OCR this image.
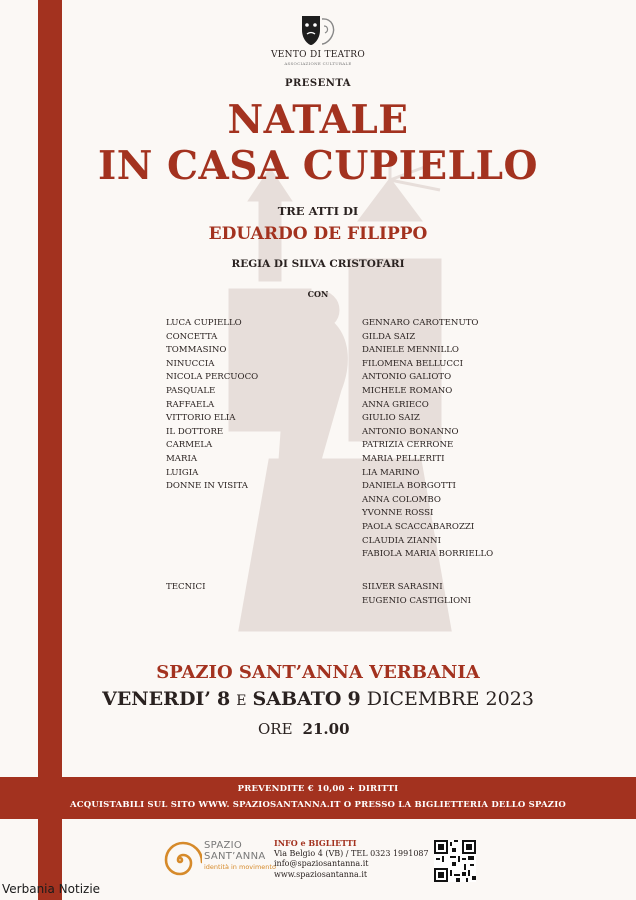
VENTO DI TEATRO
ASSOCIAZIONE CULTURALE
PRESENTA
NATALE
IN CASA CUPIELLO
TRE ATTI DI
EDUARDO DE FILIPPO
REGIA DI SILVA CRISTOFARI
CON
LUCA CUPIELLO	GENNARO CAROTENUTO
CONCETTA	GILDA SAIZ
TOMMASINO	DANIELE MENNILLO
NINUCCIA	FILOMENA BELLUCCI
NICOLA PERCUOCO	ANTONIO GALIOTO
PASQUALE	MICHELE ROMANO
RAFFAELA	ANNA GRIECO
VITTORIO ELIA	GIULIO SAIZ
IL DOTTORE	ANTONIO BONANNO
CARMELA	PATRIZIA CERRONE
MARIA	MARIA PELLERITI
LUIGIA	LIA MARINO
DONNE IN VISITA	DANIELA BORGOTTI
ANNA COLOMBO
YVONNE ROSSI
PAOLA SCACCABAROZZI
CLAUDIA ZIANNI
FABIOLA MARIA BORRIELLO
TECNICI	SILVER SARASINI
EUGENIO CASTIGLIONI
SPAZIO SANT’ANNA VERBANIA
VENERDI’ 8 E SABATO 9 DICEMBRE 2023
ORE 21.00
PREVENDITE € 10,00 + DIRITTI
ACQUISTABILI SUL SITO WWW. SPAZIOSANTANNA.IT O PRESSO LA BIGLIETTERIA DELLO SPAZIO
SPAZIO
SANT’ANNA
identità in movimento
INFO e BIGLIETTI
Via Belgio 4 (VB) / TEL 0323 1991087
info@spaziosantanna.it
www.spaziosantanna.it
Verbania Notizie
